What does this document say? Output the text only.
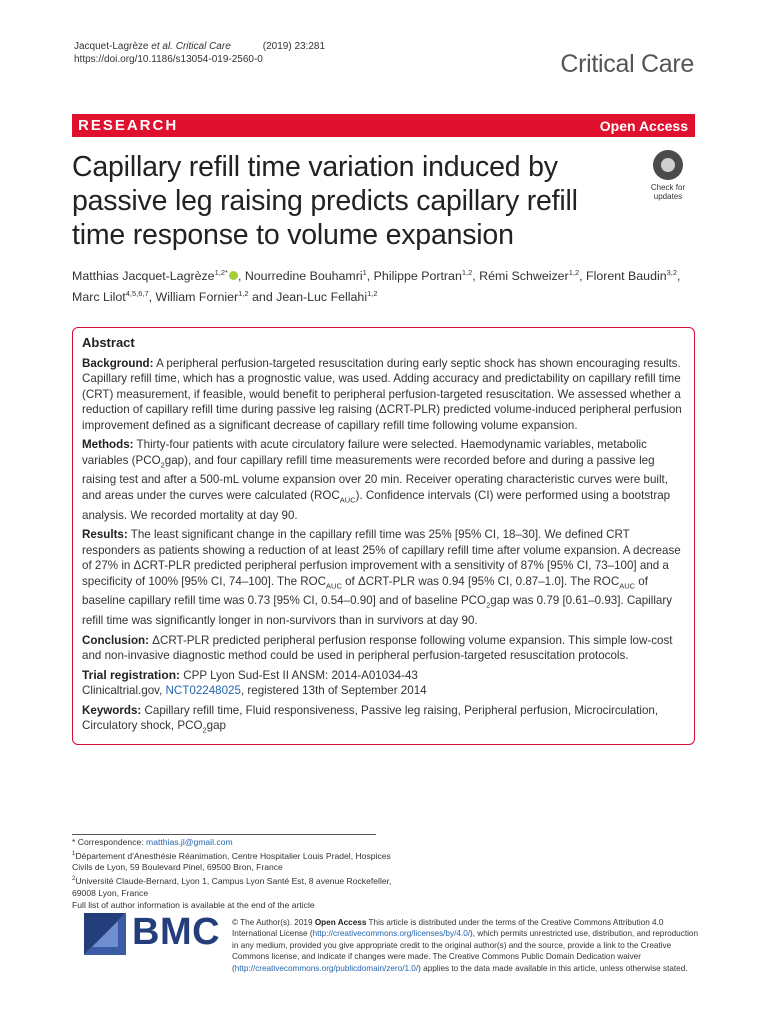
Jacquet-Lagrèze et al. Critical Care	(2019) 23:281
https://doi.org/10.1186/s13054-019-2560-0	Critical Care
RESEARCH	Open Access
Capillary refill time variation induced by passive leg raising predicts capillary refill time response to volume expansion
Check for
updates
Matthias Jacquet-Lagrèze$^{1,2*}$ , Nourredine Bouhamri$^1$, Philippe Portran$^{1,2}$, Rémi Schweizer$^{1,2}$, Florent Baudin$^{3,2}$, Marc Lilot$^{4,5,6,7}$, William Fornier$^{1,2}$ and Jean-Luc Fellahi$^{1,2}$
Abstract

Background: A peripheral perfusion-targeted resuscitation during early septic shock has shown encouraging results. Capillary refill time, which has a prognostic value, was used. Adding accuracy and predictability on capillary refill time (CRT) measurement, if feasible, would benefit to peripheral perfusion-targeted resuscitation. We assessed whether a reduction of capillary refill time during passive leg raising (ΔCRT-PLR) predicted volume-induced peripheral perfusion improvement defined as a significant decrease of capillary refill time following volume expansion.

Methods: Thirty-four patients with acute circulatory failure were selected. Haemodynamic variables, metabolic variables $(PCO_2gap)$, and four capillary refill time measurements were recorded before and during a passive leg raising test and after a 500-mL volume expansion over 20 min. Receiver operating characteristic curves were built, and areas under the curves were calculated $(ROC_{AUC})$. Confidence intervals (CI) were performed using a bootstrap analysis. We recorded mortality at day 90.

Results: The least significant change in the capillary refill time was 25% [95% CI, 18–30]. We defined CRT responders as patients showing a reduction of at least 25% of capillary refill time after volume expansion. A decrease of 27% in ΔCRT-PLR predicted peripheral perfusion improvement with a sensitivity of 87% [95% CI, 73–100] and a specificity of 100% [95% CI, 74–100]. The $ROC_{AUC}$ of ΔCRT-PLR was 0.94 [95% CI, 0.87–1.0]. The $ROC_{AUC}$ of baseline capillary refill time was 0.73 [95% CI, 0.54–0.90] and of baseline $PCO_2gap$ was 0.79 [0.61–0.93]. Capillary refill time was significantly longer in non-survivors than in survivors at day 90.

Conclusion: ΔCRT-PLR predicted peripheral perfusion response following volume expansion. This simple low-cost and non-invasive diagnostic method could be used in peripheral perfusion-targeted resuscitation protocols.

Trial registration: CPP Lyon Sud-Est II ANSM: 2014-A01034-43
Clinicaltrial.gov, NCT02248025, registered 13th of September 2014

Keywords: Capillary refill time, Fluid responsiveness, Passive leg raising, Peripheral perfusion, Microcirculation, Circulatory shock, $PCO_2gap$

* Correspondence: matthias.jl@gmail.com
$^1$Département d'Anesthésie Réanimation, Centre Hospitalier Louis Pradel, Hospices Civils de Lyon, 59 Boulevard Pinel, 69500 Bron, France
$^2$Université Claude-Bernard, Lyon 1, Campus Lyon Santé Est, 8 avenue Rockefeller, 69008 Lyon, France
Full list of author information is available at the end of the article
BMC © The Author(s). 2019 Open Access This article is distributed under the terms of the Creative Commons Attribution 4.0 International License (http://creativecommons.org/licenses/by/4.0/), which permits unrestricted use, distribution, and reproduction in any medium, provided you give appropriate credit to the original author(s) and the source, provide a link to the Creative Commons license, and indicate if changes were made. The Creative Commons Public Domain Dedication waiver (http://creativecommons.org/publicdomain/zero/1.0/) applies to the data made available in this article, unless otherwise stated.
